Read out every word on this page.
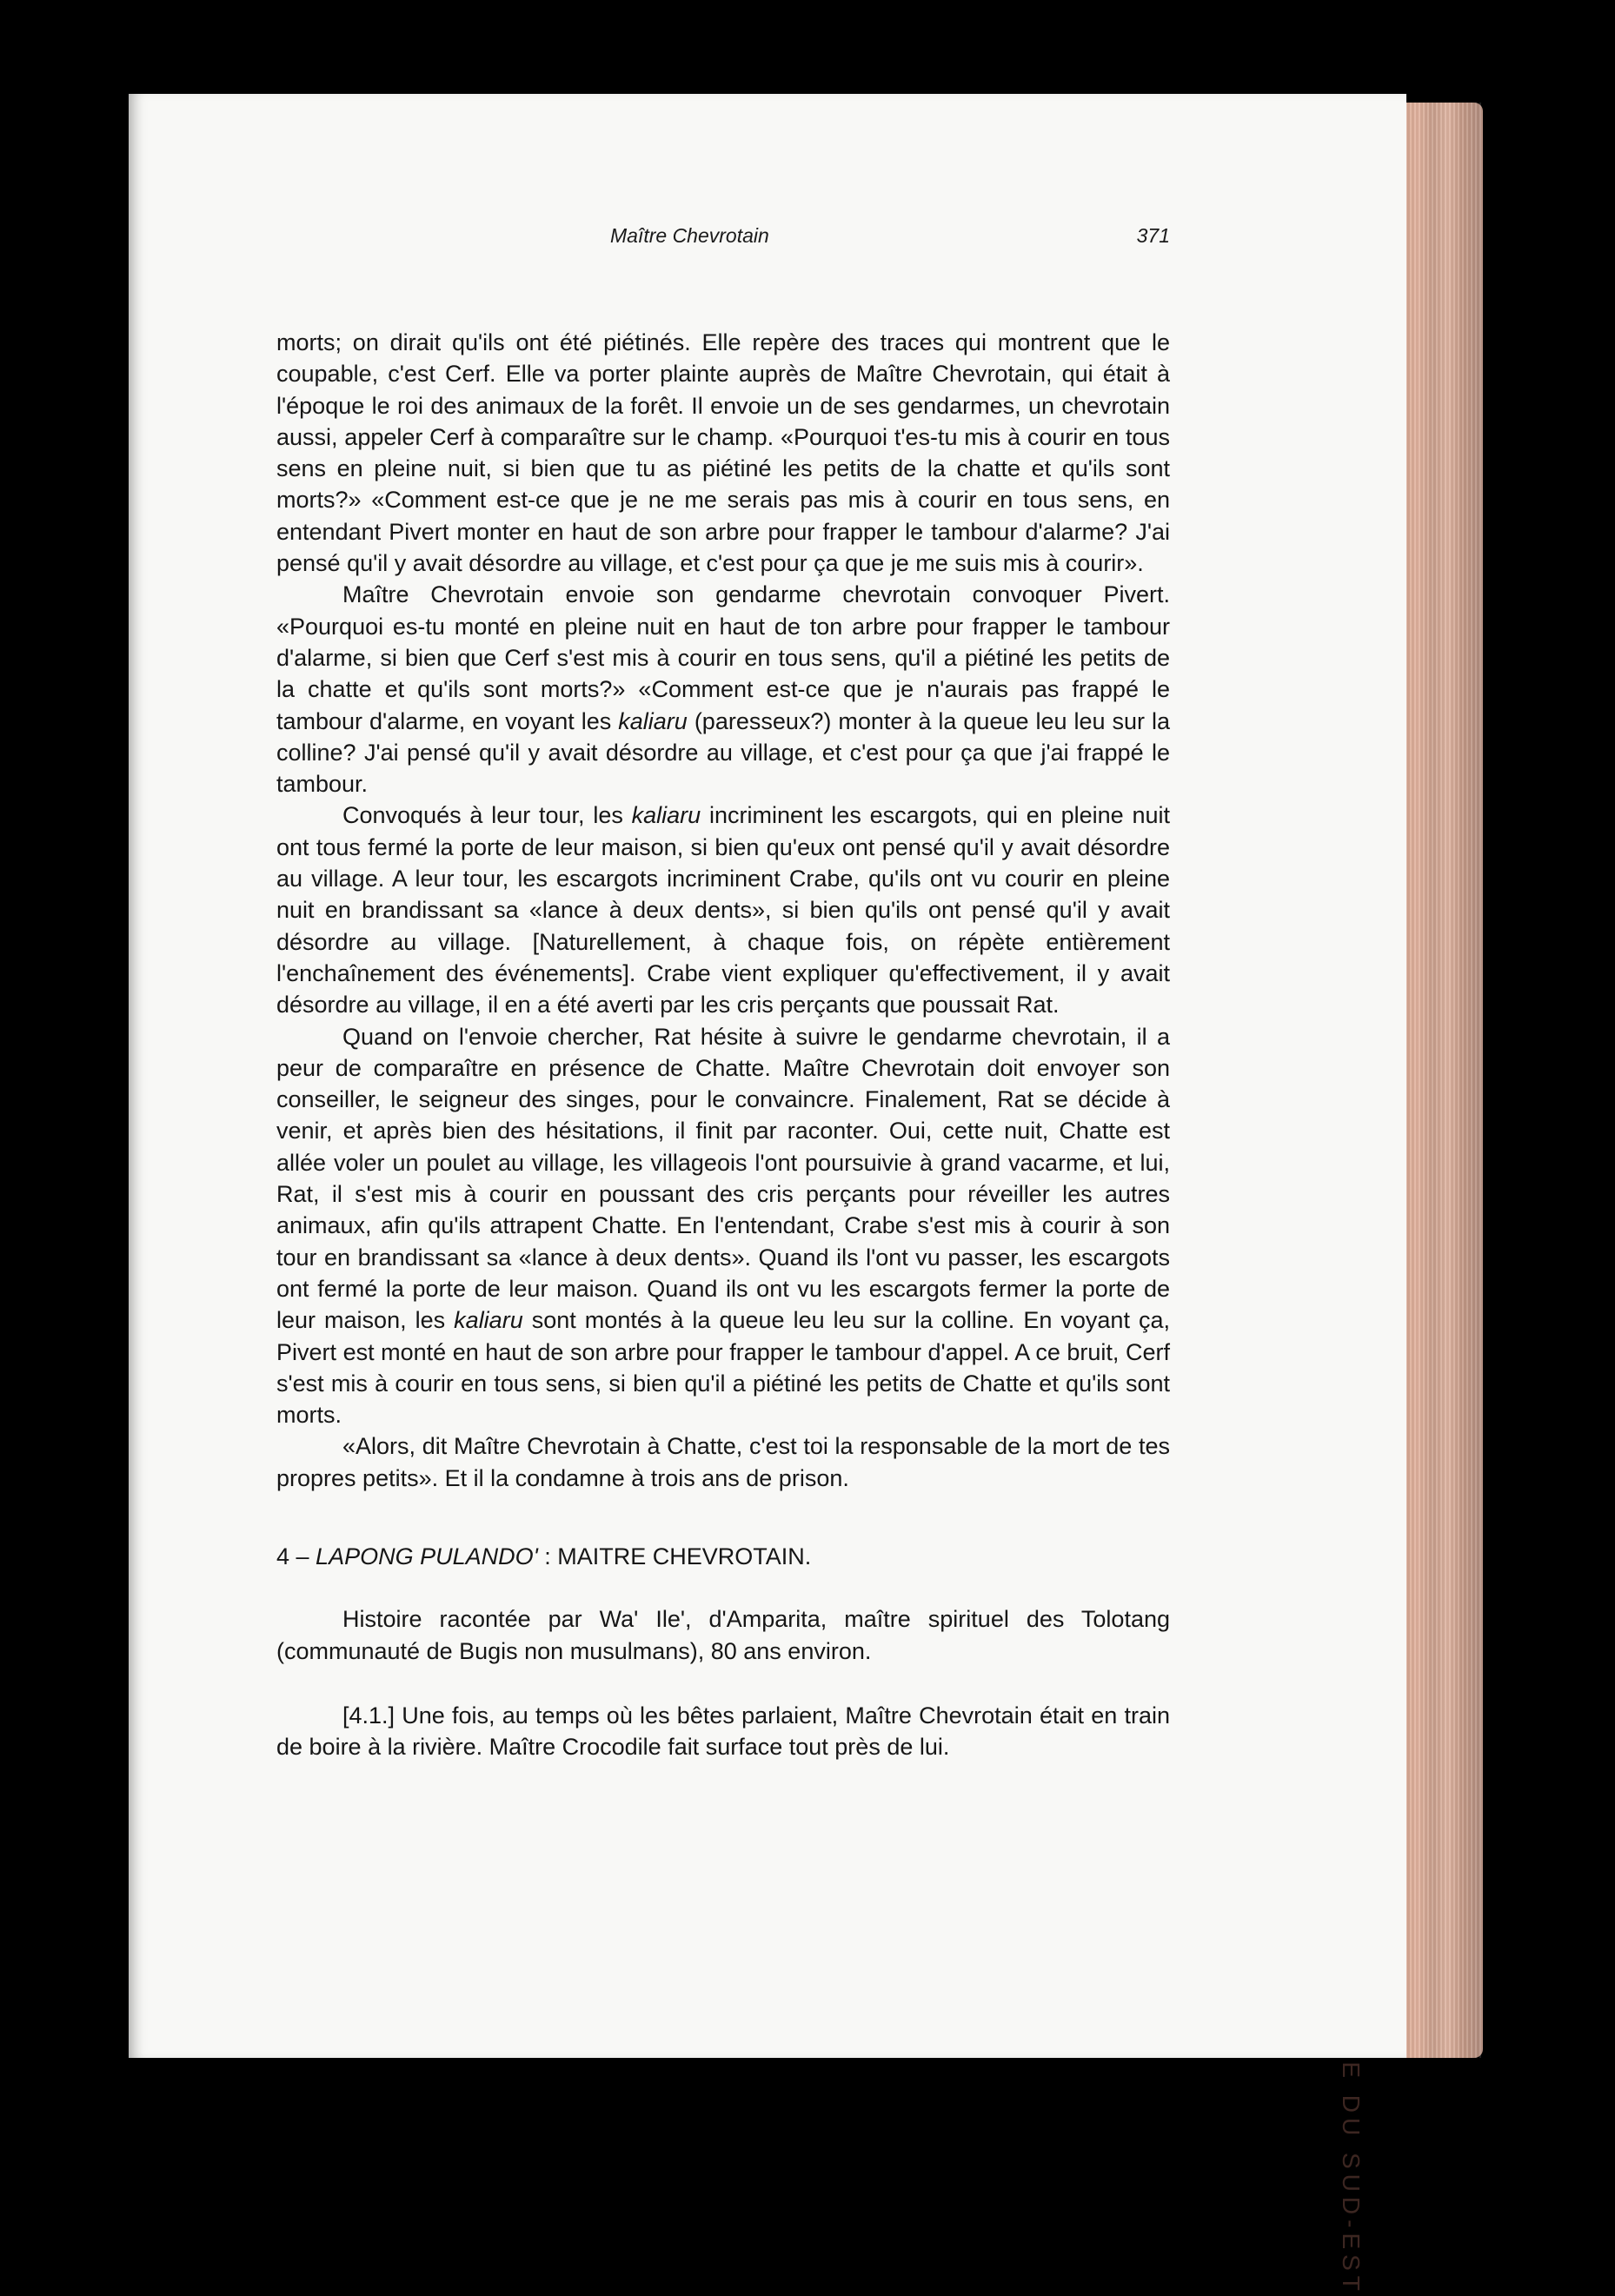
Maître Chevrotain	371

morts; on dirait qu'ils ont été piétinés. Elle repère des traces qui montrent que le coupable, c'est Cerf. Elle va porter plainte auprès de Maître Chevrotain, qui était à l'époque le roi des animaux de la forêt. Il envoie un de ses gendarmes, un chevrotain aussi, appeler Cerf à comparaître sur le champ. «Pourquoi t'es-tu mis à courir en tous sens en pleine nuit, si bien que tu as piétiné les petits de la chatte et qu'ils sont morts?» «Comment est-ce que je ne me serais pas mis à courir en tous sens, en entendant Pivert monter en haut de son arbre pour frapper le tambour d'alarme? J'ai pensé qu'il y avait désordre au village, et c'est pour ça que je me suis mis à courir».

Maître Chevrotain envoie son gendarme chevrotain convoquer Pivert. «Pourquoi es-tu monté en pleine nuit en haut de ton arbre pour frapper le tambour d'alarme, si bien que Cerf s'est mis à courir en tous sens, qu'il a piétiné les petits de la chatte et qu'ils sont morts?» «Comment est-ce que je n'aurais pas frappé le tambour d'alarme, en voyant les kaliaru (paresseux?) monter à la queue leu leu sur la colline? J'ai pensé qu'il y avait désordre au village, et c'est pour ça que j'ai frappé le tambour.

Convoqués à leur tour, les kaliaru incriminent les escargots, qui en pleine nuit ont tous fermé la porte de leur maison, si bien qu'eux ont pensé qu'il y avait désordre au village. A leur tour, les escargots incriminent Crabe, qu'ils ont vu courir en pleine nuit en brandissant sa «lance à deux dents», si bien qu'ils ont pensé qu'il y avait désordre au village. [Naturellement, à chaque fois, on répète entièrement l'enchaînement des événements]. Crabe vient expliquer qu'effectivement, il y avait désordre au village, il en a été averti par les cris perçants que poussait Rat.

Quand on l'envoie chercher, Rat hésite à suivre le gendarme chevrotain, il a peur de comparaître en présence de Chatte. Maître Chevrotain doit envoyer son conseiller, le seigneur des singes, pour le convaincre. Finalement, Rat se décide à venir, et après bien des hésitations, il finit par raconter. Oui, cette nuit, Chatte est allée voler un poulet au village, les villageois l'ont poursuivie à grand vacarme, et lui, Rat, il s'est mis à courir en poussant des cris perçants pour réveiller les autres animaux, afin qu'ils attrapent Chatte. En l'entendant, Crabe s'est mis à courir à son tour en brandissant sa «lance à deux dents». Quand ils l'ont vu passer, les escargots ont fermé la porte de leur maison. Quand ils ont vu les escargots fermer la porte de leur maison, les kaliaru sont montés à la queue leu leu sur la colline. En voyant ça, Pivert est monté en haut de son arbre pour frapper le tambour d'appel. A ce bruit, Cerf s'est mis à courir en tous sens, si bien qu'il a piétiné les petits de Chatte et qu'ils sont morts.

«Alors, dit Maître Chevrotain à Chatte, c'est toi la responsable de la mort de tes propres petits». Et il la condamne à trois ans de prison.

4 – LAPONG PULANDO' : MAITRE CHEVROTAIN.

Histoire racontée par Wa' Ile', d'Amparita, maître spirituel des Tolotang (communauté de Bugis non musulmans), 80 ans environ.

[4.1.] Une fois, au temps où les bêtes parlaient, Maître Chevrotain était en train de boire à la rivière. Maître Crocodile fait surface tout près de lui.
